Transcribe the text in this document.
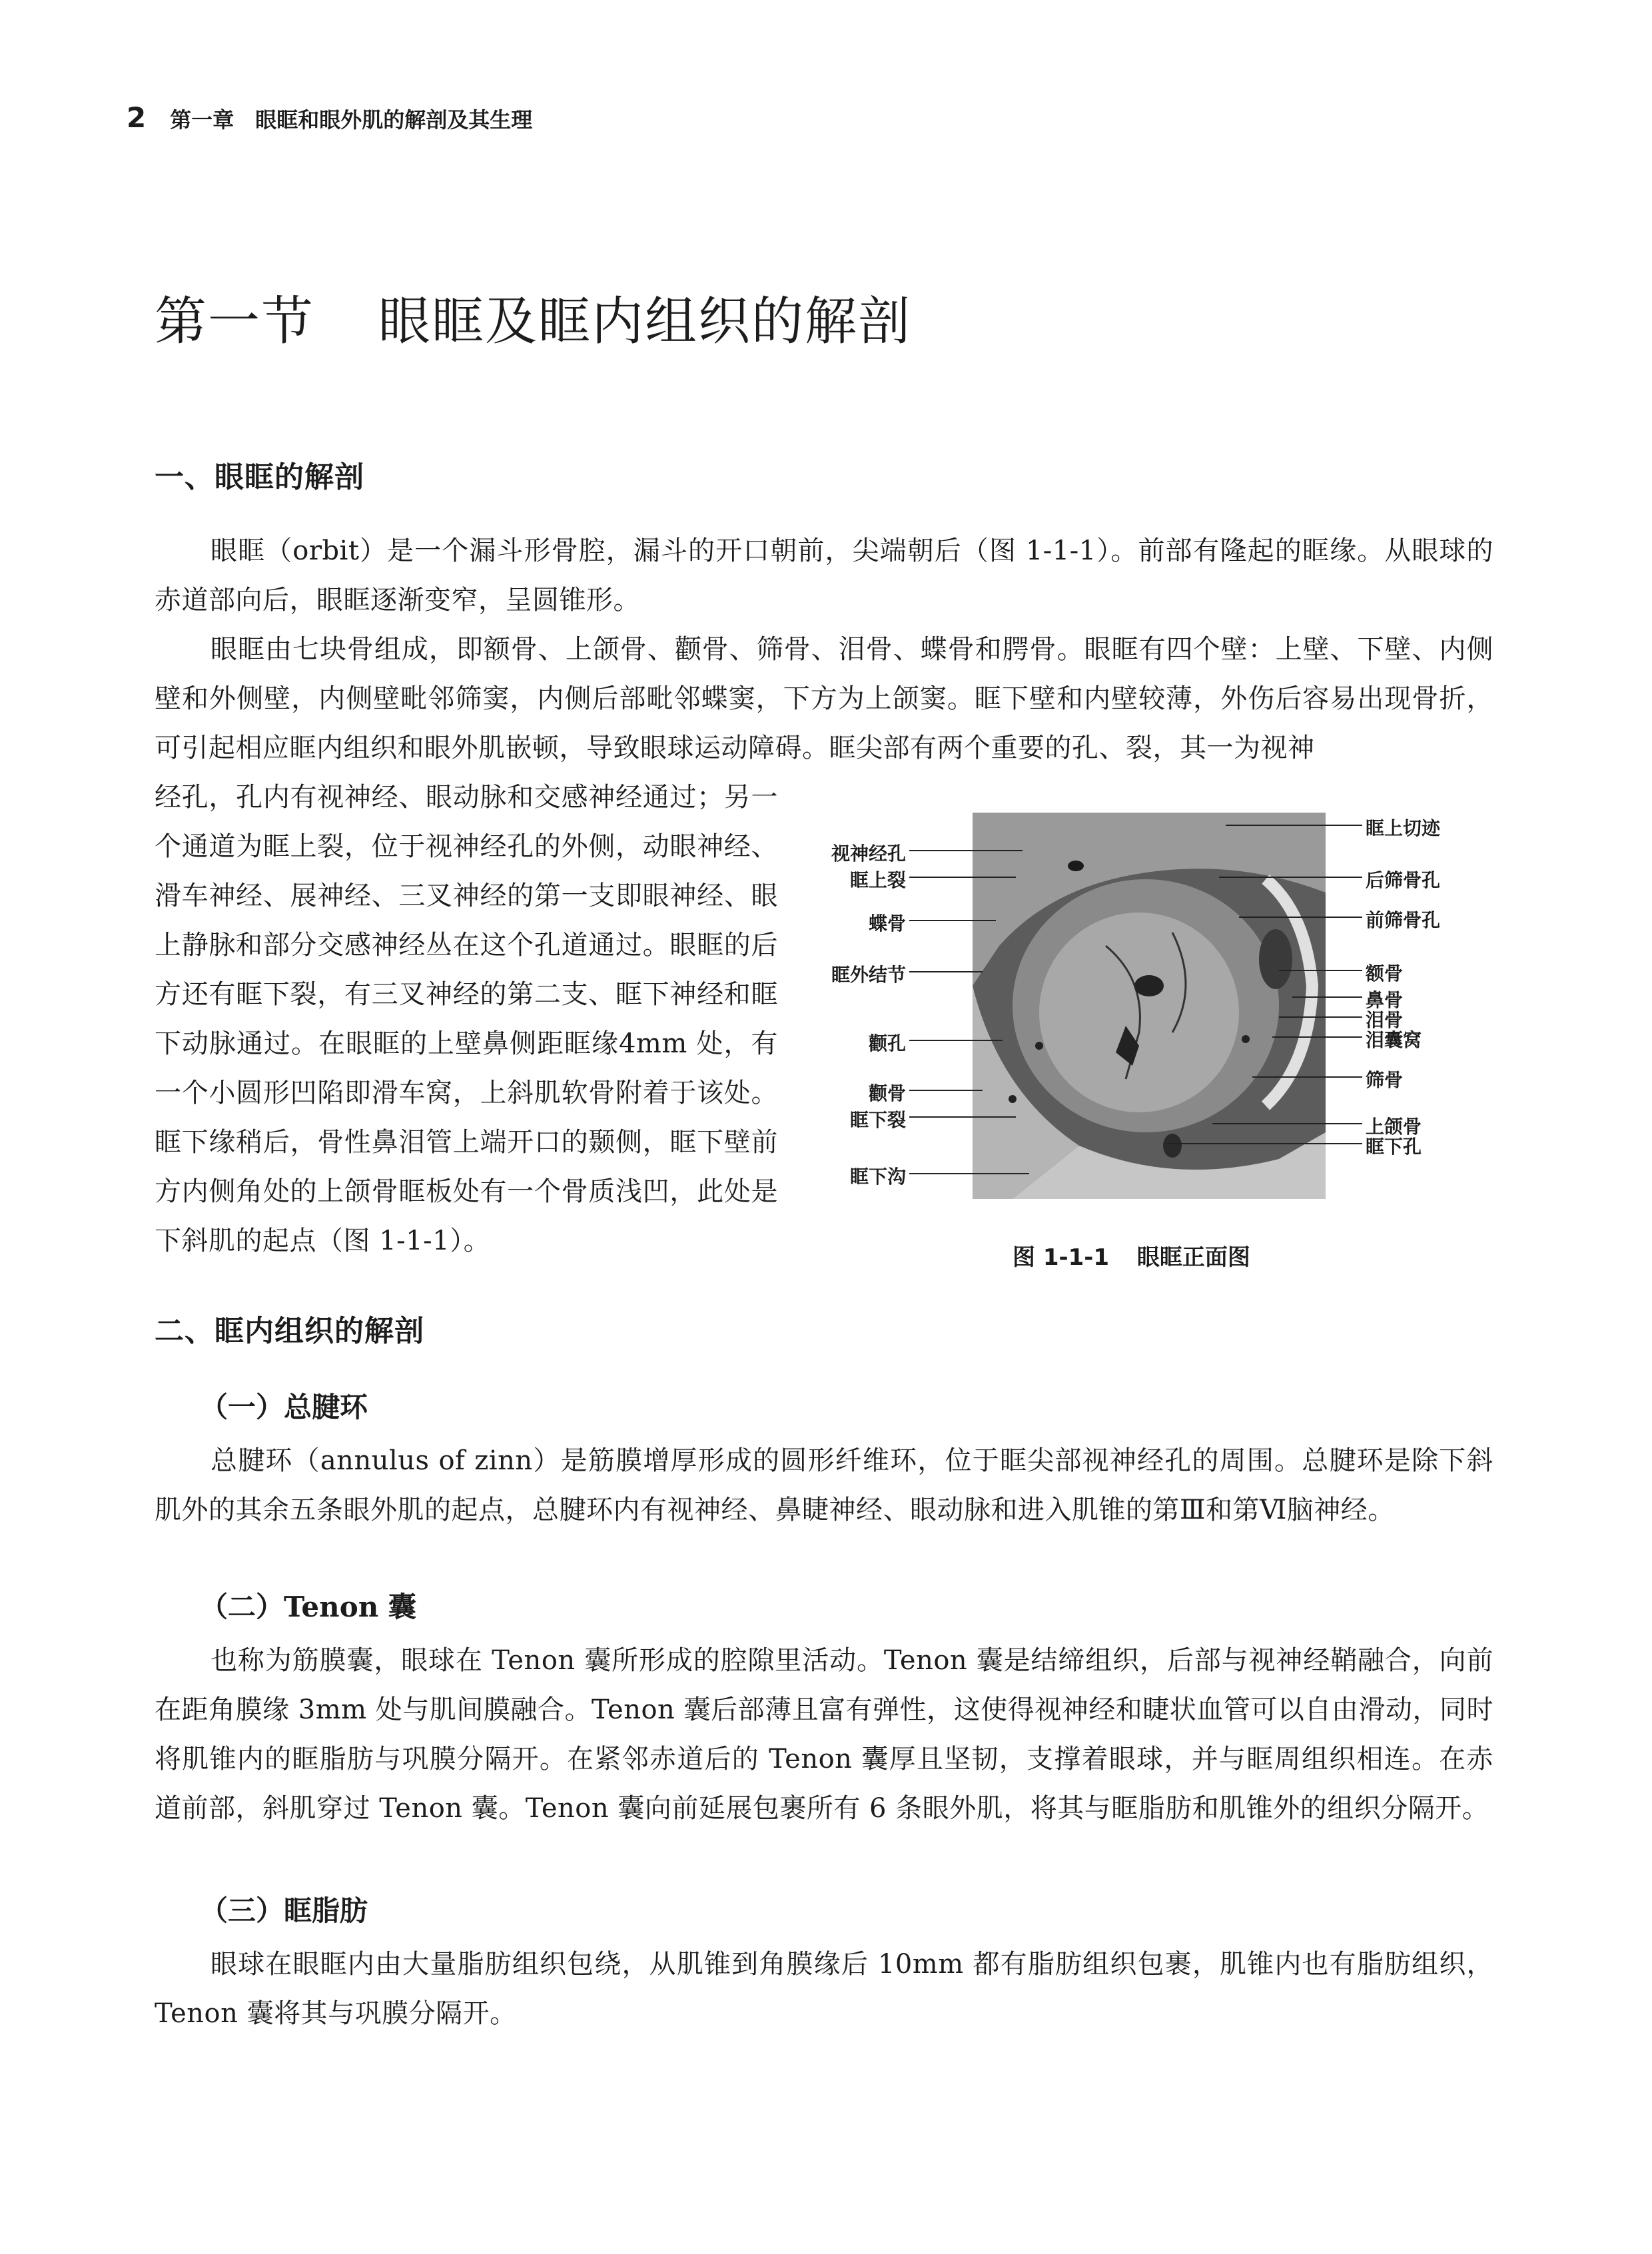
2 第一章 眼眶和眼外肌的解剖及其生理
第一节 眼眶及眶内组织的解剖
一、眼眶的解剖

眼眶（orbit）是一个漏斗形骨腔，漏斗的开口朝前，尖端朝后（图 1-1-1）。前部有隆起的眶缘。从眼球的赤道部向后，眼眶逐渐变窄，呈圆锥形。

眼眶由七块骨组成，即额骨、上颌骨、颧骨、筛骨、泪骨、蝶骨和腭骨。眼眶有四个壁：上壁、下壁、内侧壁和外侧壁，内侧壁毗邻筛窦，内侧后部毗邻蝶窦，下方为上颌窦。眶下壁和内壁较薄，外伤后容易出现骨折，可引起相应眶内组织和眼外肌嵌顿，导致眼球运动障碍。眶尖部有两个重要的孔、裂，其一为视神

经孔，孔内有视神经、眼动脉和交感神经通过；另一个通道为眶上裂，位于视神经孔的外侧，动眼神经、滑车神经、展神经、三叉神经的第一支即眼神经、眼上静脉和部分交感神经丛在这个孔道通过。眼眶的后方还有眶下裂，有三叉神经的第二支、眶下神经和眶下动脉通过。在眼眶的上壁鼻侧距眶缘4mm 处，有一个小圆形凹陷即滑车窝，上斜肌软骨附着于该处。眶下缘稍后，骨性鼻泪管上端开口的颞侧，眶下壁前方内侧角处的上颌骨眶板处有一个骨质浅凹，此处是下斜肌的起点（图 1-1-1）。

视神经孔
眶上裂
蝶骨
眶外结节
颧孔
颧骨
眶下裂
眶下沟
眶上切迹
后筛骨孔
前筛骨孔
额骨
鼻骨
泪骨
泪囊窝
筛骨
上颌骨
眶下孔
图 1-1-1 眼眶正面图
二、眶内组织的解剖
（一）总腱环

总腱环（annulus of zinn）是筋膜增厚形成的圆形纤维环，位于眶尖部视神经孔的周围。总腱环是除下斜肌外的其余五条眼外肌的起点，总腱环内有视神经、鼻睫神经、眼动脉和进入肌锥的第Ⅲ和第Ⅵ脑神经。

（二）Tenon 囊

也称为筋膜囊，眼球在 Tenon 囊所形成的腔隙里活动。Tenon 囊是结缔组织，后部与视神经鞘融合，向前在距角膜缘 3mm 处与肌间膜融合。Tenon 囊后部薄且富有弹性，这使得视神经和睫状血管可以自由滑动，同时将肌锥内的眶脂肪与巩膜分隔开。在紧邻赤道后的 Tenon 囊厚且坚韧，支撑着眼球，并与眶周组织相连。在赤道前部，斜肌穿过 Tenon 囊。Tenon 囊向前延展包裹所有 6 条眼外肌，将其与眶脂肪和肌锥外的组织分隔开。

（三）眶脂肪

眼球在眼眶内由大量脂肪组织包绕，从肌锥到角膜缘后 10mm 都有脂肪组织包裹，肌锥内也有脂肪组织，Tenon 囊将其与巩膜分隔开。
